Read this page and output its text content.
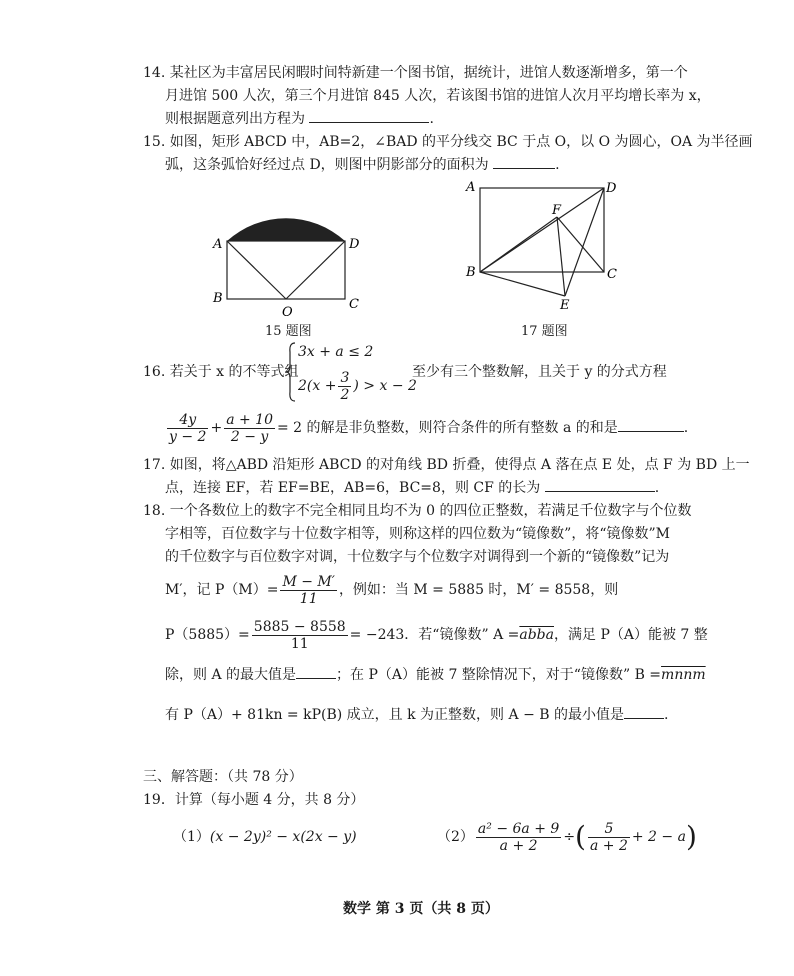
14. 某社区为丰富居民闲暇时间特新建一个图书馆，据统计，进馆人数逐渐增多，第一个
月进馆 500 人次，第三个月进馆 845 人次，若该图书馆的进馆人次月平均增长率为 x，
则根据题意列出方程为	.
15. 如图，矩形 ABCD 中，AB=2，∠BAD 的平分线交 BC 于点 O，以 O 为圆心，OA 为半径画
弧，这条弧恰好经过点 D，则图中阴影部分的面积为	.
A	D
B	C
O
15 题图
A	D
F
B	C
E
17 题图
16. 若关于 x 的不等式组
3x + a ≤ 2
$2(x + \frac{3}{2}$ ) > x − 2
至少有三个整数解，且关于 y 的分式方程
$\frac{4y}{y - 2} + \frac{a + 10}{2 - y} = 2$ 的解是非负整数，则符合条件的所有整数 a 的和是	.
17. 如图，将△ABD 沿矩形 ABCD 的对角线 BD 折叠，使得点 A 落在点 E 处，点 F 为 BD 上一
点，连接 EF，若 EF=BE，AB=6，BC=8，则 CF 的长为	.
18. 一个各数位上的数字不完全相同且均不为 0 的四位正整数，若满足千位数字与个位数
字相等，百位数字与十位数字相等，则称这样的四位数为“镜像数”，将“镜像数”M
的千位数字与百位数字对调，十位数字与个位数字对调得到一个新的“镜像数”记为
M′，记 $P(M)= \frac{M - M'}{11}$ ，例如：当 M = 5885 时，M′ = 8558，则
$P(5885)= \frac{5885 - 8558}{11} = -243$．若“镜像数” A =abba，满足 P（A）能被 7 整
除，则 A 的最大值是	；在 P（A）能被 7 整除情况下，对于“镜像数” B =mnnm
有 P（A）+ 81kn = kP(B) 成立，且 k 为正整数，则 A − B 的最小值是	.
三、解答题：（共 78 分）
19．计算（每小题 4 分，共 8 分）
（1）(x − 2y)² − x(2x − y)	$(2) \frac{\text{a² − 6a + 9}}{a + 2}$ ÷( $\frac{5}{a + 2} + 2 - a$)
数学 第 3 页（共 8 页）
